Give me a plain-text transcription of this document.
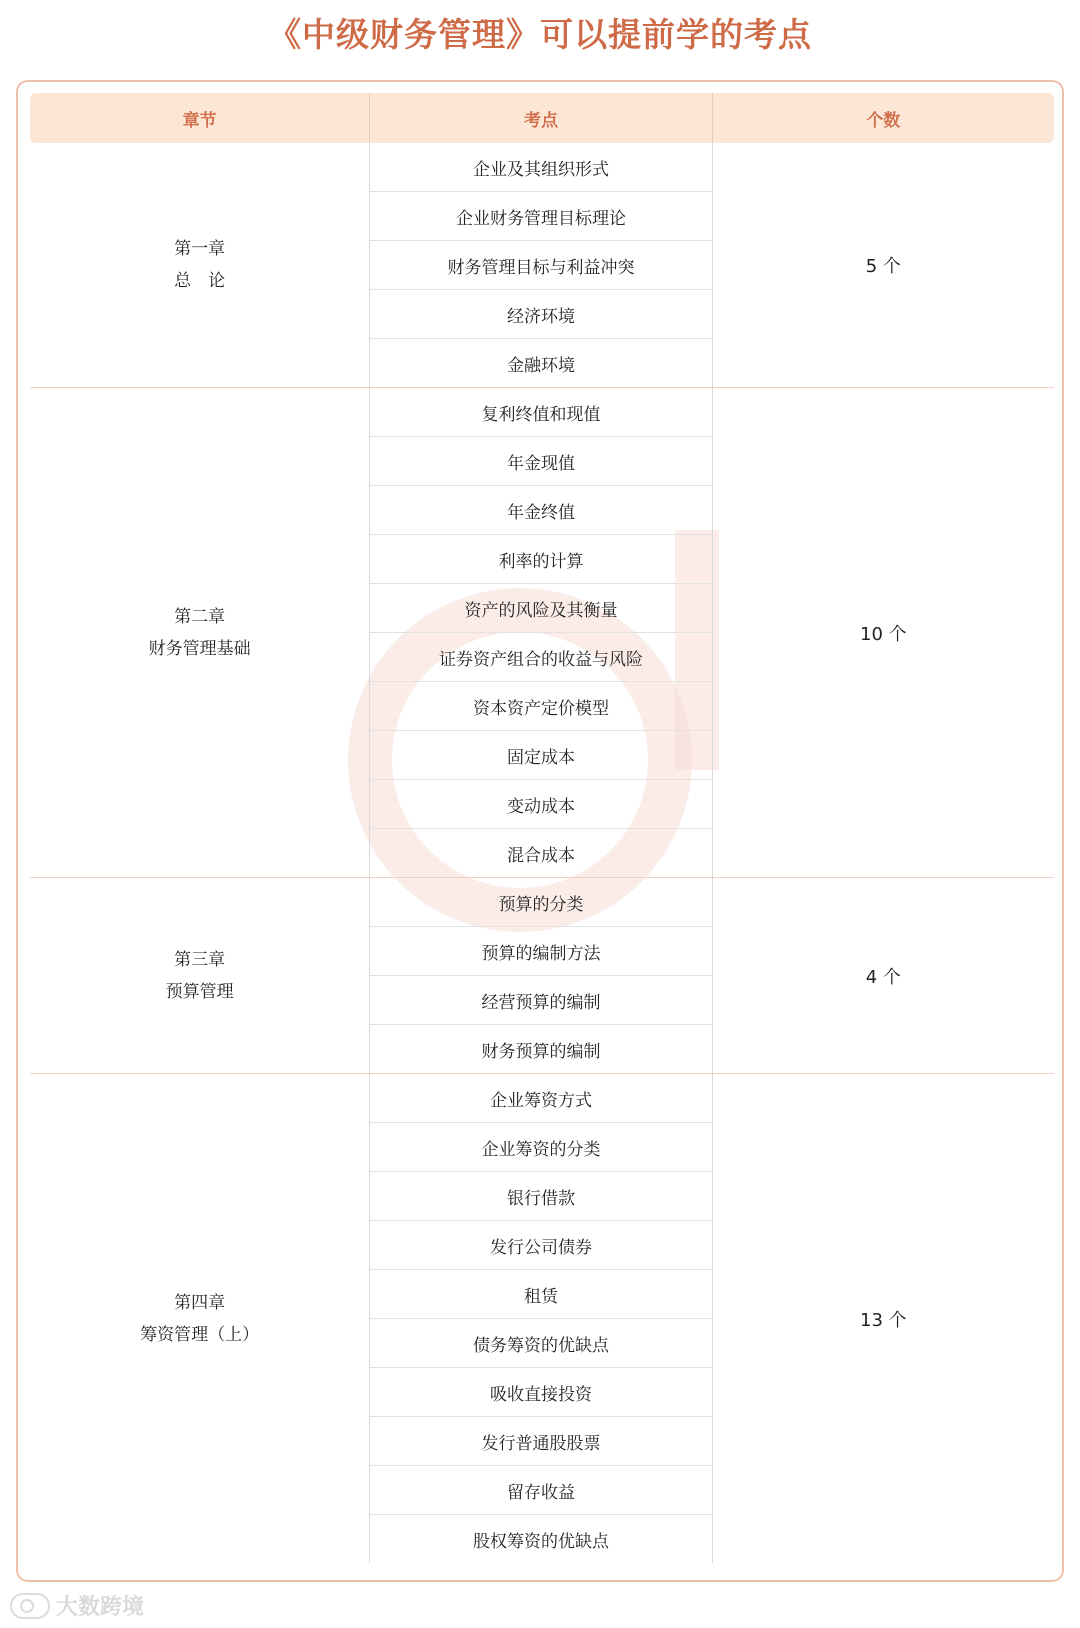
《中级财务管理》可以提前学的考点
章节	考点	个数
第一章
总　论
企业及其组织形式
企业财务管理目标理论
财务管理目标与利益冲突
经济环境
金融环境
5 个
第二章
财务管理基础
复利终值和现值
年金现值
年金终值
利率的计算
资产的风险及其衡量
证券资产组合的收益与风险
资本资产定价模型
固定成本
变动成本
混合成本
10 个
第三章
预算管理
预算的分类
预算的编制方法
经营预算的编制
财务预算的编制
4 个
第四章
筹资管理（上）
企业筹资方式
企业筹资的分类
银行借款
发行公司债券
租赁
债务筹资的优缺点
吸收直接投资
发行普通股股票
留存收益
股权筹资的优缺点
13 个
大数跨境
